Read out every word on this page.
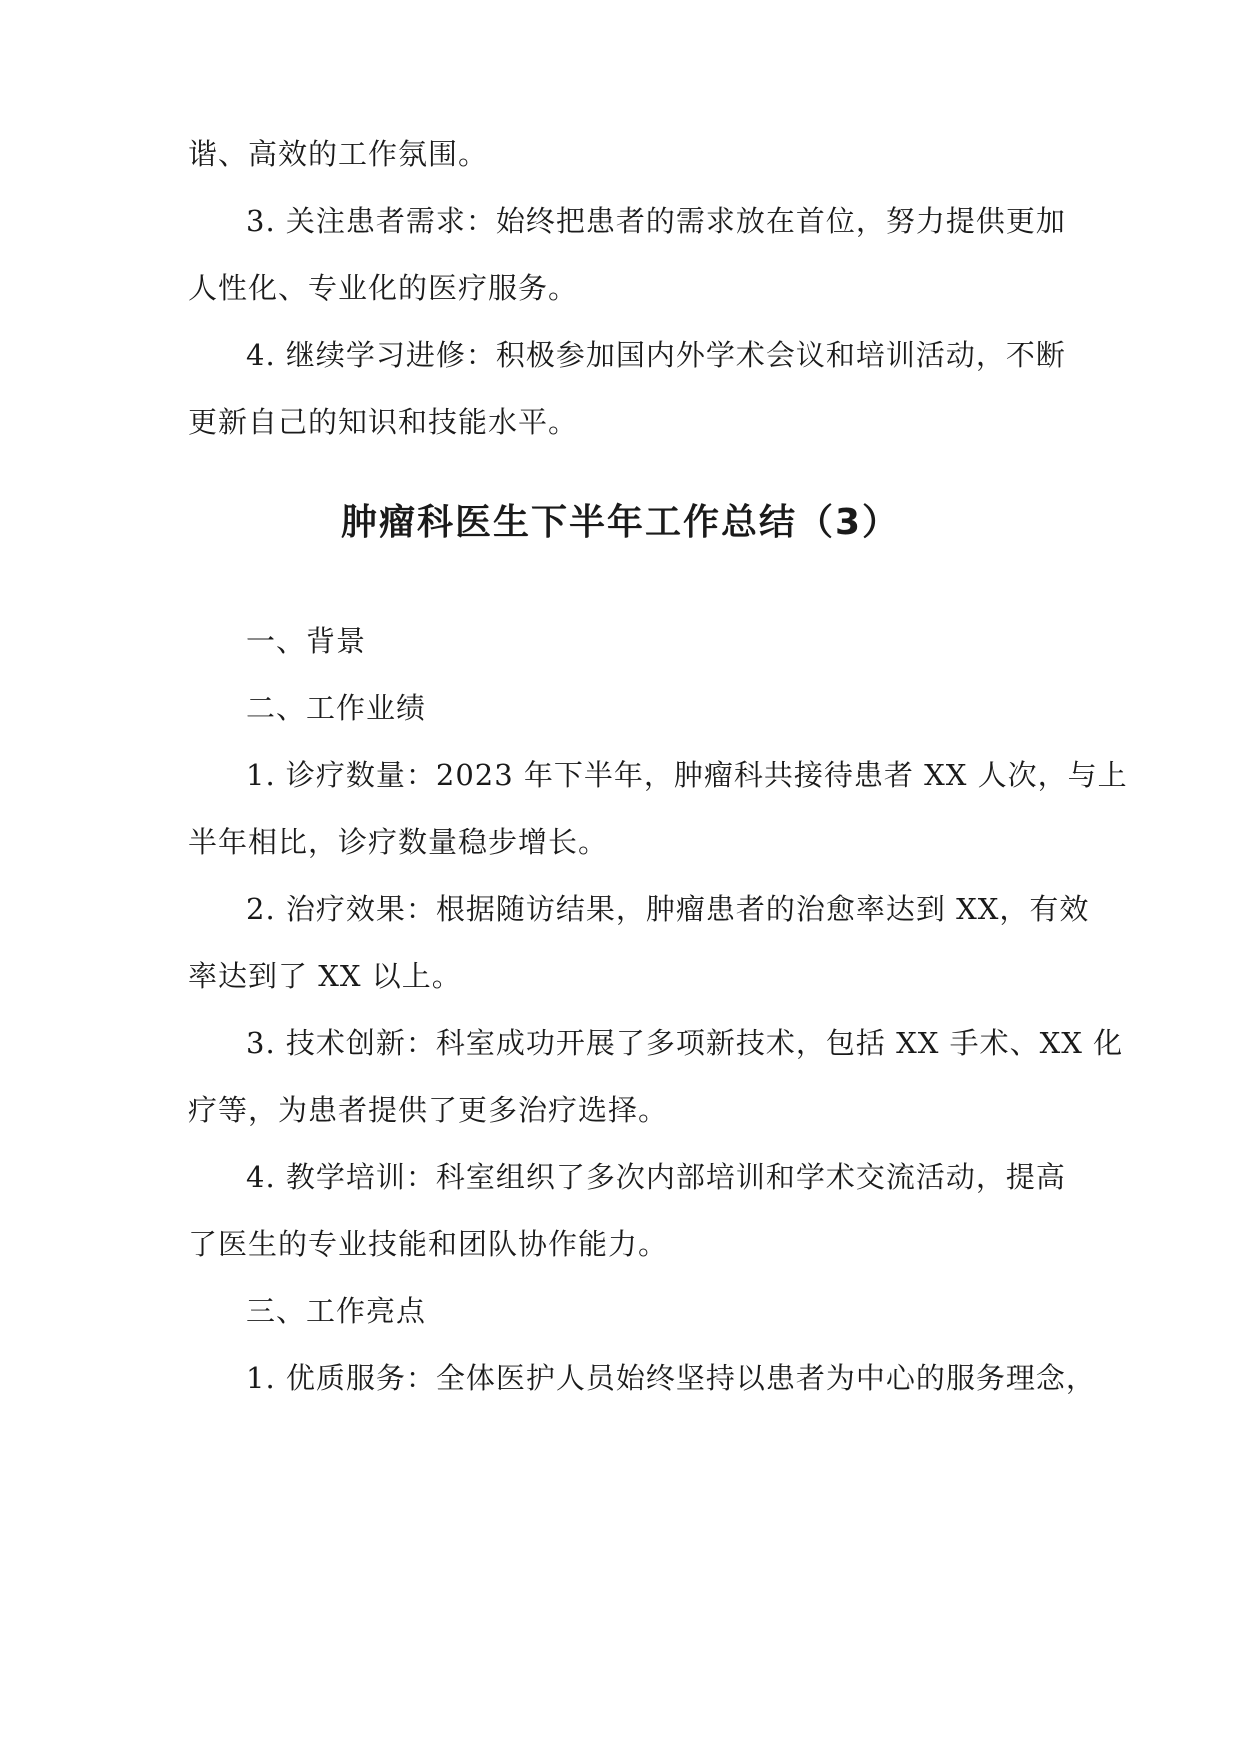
谐、高效的工作氛围。
3. 关注患者需求：始终把患者的需求放在首位，努力提供更加
人性化、专业化的医疗服务。
4. 继续学习进修：积极参加国内外学术会议和培训活动，不断
更新自己的知识和技能水平。
肿瘤科医生下半年工作总结（3）
一、背景
二、工作业绩
1. 诊疗数量：2023 年下半年，肿瘤科共接待患者 XX 人次，与上
半年相比，诊疗数量稳步增长。
2. 治疗效果：根据随访结果，肿瘤患者的治愈率达到 XX，有效
率达到了 XX 以上。
3. 技术创新：科室成功开展了多项新技术，包括 XX 手术、XX 化
疗等，为患者提供了更多治疗选择。
4. 教学培训：科室组织了多次内部培训和学术交流活动，提高
了医生的专业技能和团队协作能力。
三、工作亮点
1. 优质服务：全体医护人员始终坚持以患者为中心的服务理念，
